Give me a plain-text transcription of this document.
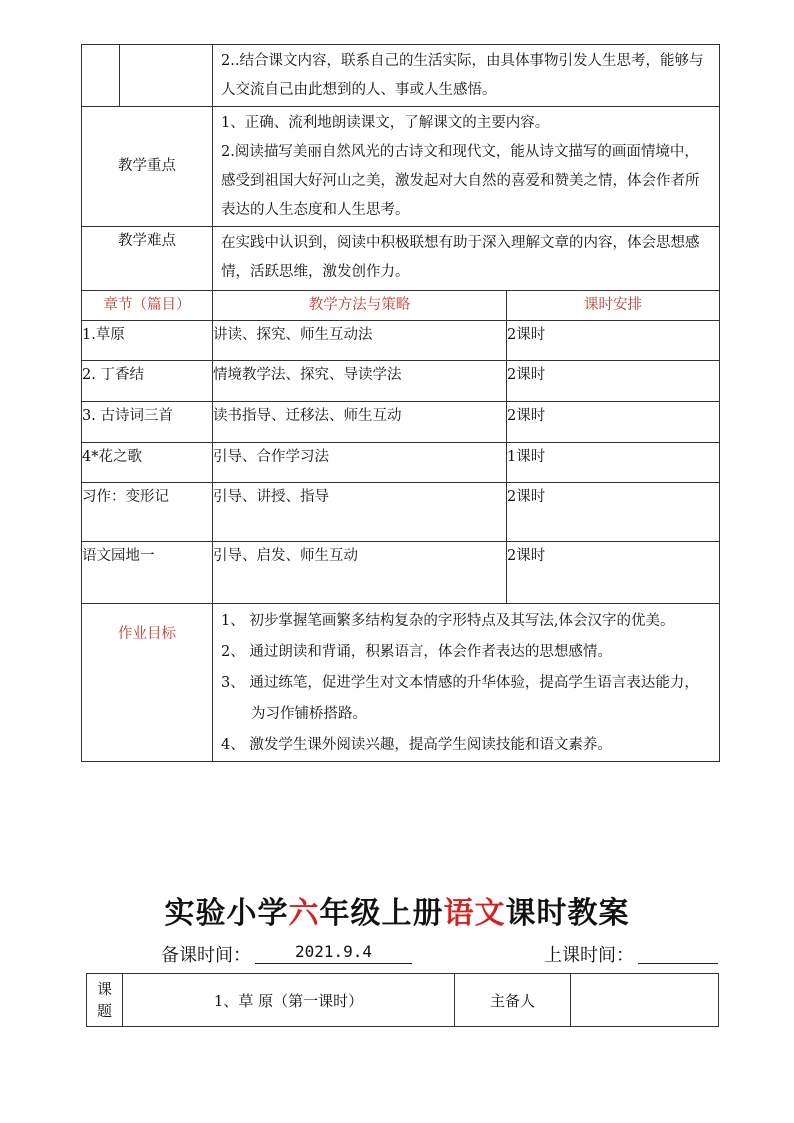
		2..结合课文内容，联系自己的生活实际，由具体事物引发人生思考，能够与人交流自己由此想到的人、事或人生感悟。	

教学重点		1、正确、流利地朗读课文，了解课文的主要内容。
2.阅读描写美丽自然风光的古诗文和现代文，能从诗文描写的画面情境中，感受到祖国大好河山之美，激发起对大自然的喜爱和赞美之情，体会作者所表达的人生态度和人生思考。	

教学难点		在实践中认识到，阅读中积极联想有助于深入理解文章的内容，体会思想感情，活跃思维，激发创作力。	

章节（篇目）		教学方法与策略	课时安排
1.草原		讲读、探究、师生互动法	2课时
2. 丁香结		情境教学法、探究、导读学法	2课时
3. 古诗词三首		读书指导、迁移法、师生互动	2课时
4*花之歌		引导、合作学习法	1课时
习作：变形记		引导、讲授、指导	2课时
语文园地一		引导、启发、师生互动	2课时

作业目标		1、 初步掌握笔画繁多结构复杂的字形特点及其写法,体会汉字的优美。
2、 通过朗读和背诵，积累语言，体会作者表达的思想感情。
3、 通过练笔，促进学生对文本情感的升华体验，提高学生语言表达能力，为习作铺桥搭路。
4、 激发学生课外阅读兴趣，提高学生阅读技能和语文素养。	
实验小学六年级上册语文课时教案
备课时间：	2021.9.4	上课时间：
课题	1、草 原（第一课时）	主备人	
